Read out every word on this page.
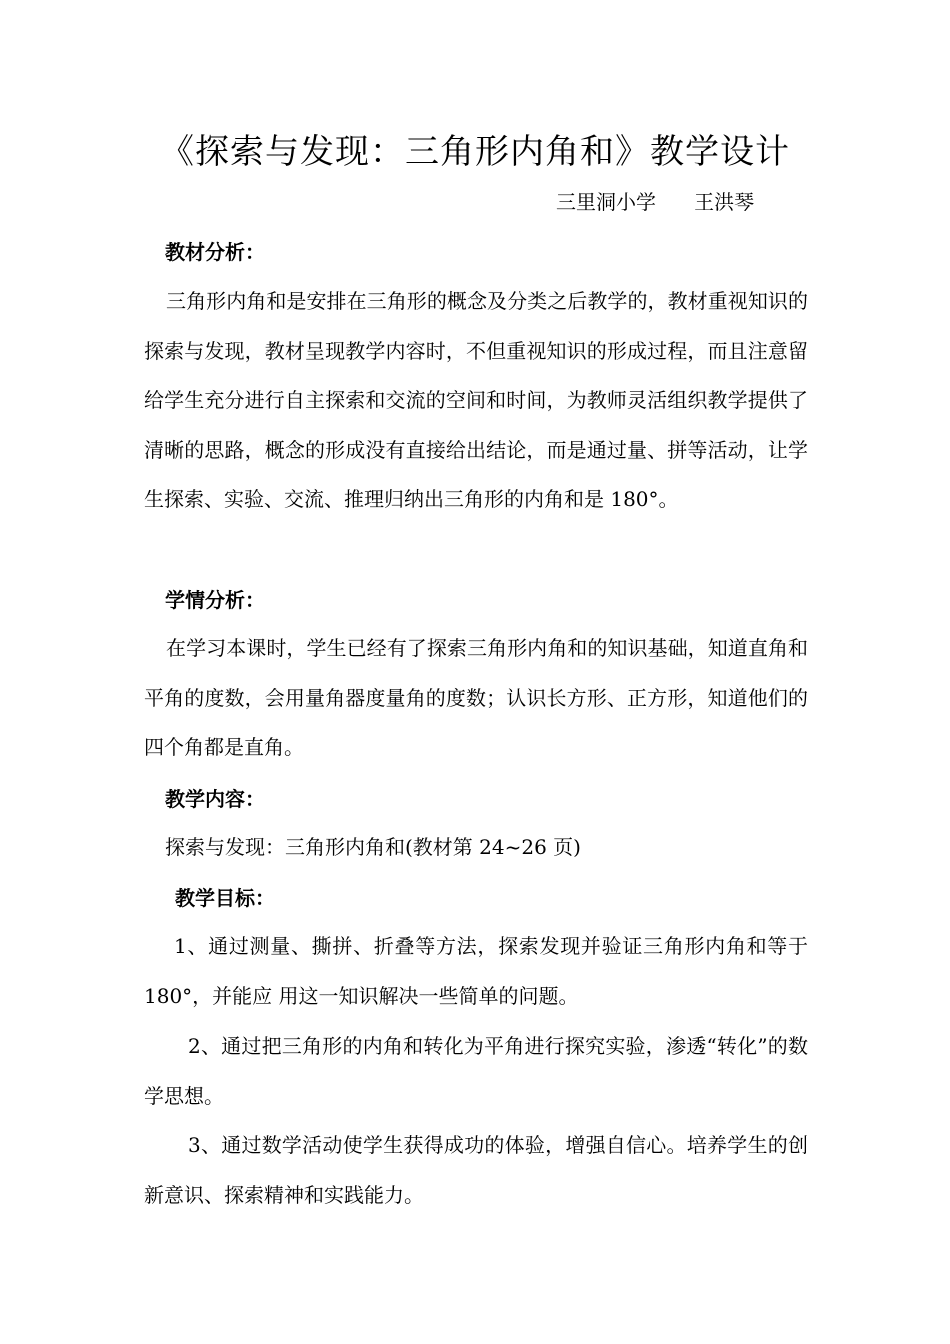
《探索与发现：三角形内角和》教学设计
三里洞小学      王洪琴
教材分析：

三角形内角和是安排在三角形的概念及分类之后教学的，教材重视知识的探索与发现，教材呈现教学内容时，不但重视知识的形成过程，而且注意留给学生充分进行自主探索和交流的空间和时间，为教师灵活组织教学提供了清晰的思路，概念的形成没有直接给出结论，而是通过量、拼等活动，让学生探索、实验、交流、推理归纳出三角形的内角和是 180°。

学情分析：

在学习本课时，学生已经有了探索三角形内角和的知识基础，知道直角和平角的度数，会用量角器度量角的度数；认识长方形、正方形，知道他们的四个角都是直角。

教学内容：

探索与发现：三角形内角和(教材第 24~26 页)

教学目标：

1、通过测量、撕拼、折叠等方法，探索发现并验证三角形内角和等于 180°，并能应 用这一知识解决一些简单的问题。

2、通过把三角形的内角和转化为平角进行探究实验，渗透“转化”的数学思想。

3、通过数学活动使学生获得成功的体验，增强自信心。培养学生的创新意识、探索精神和实践能力。
